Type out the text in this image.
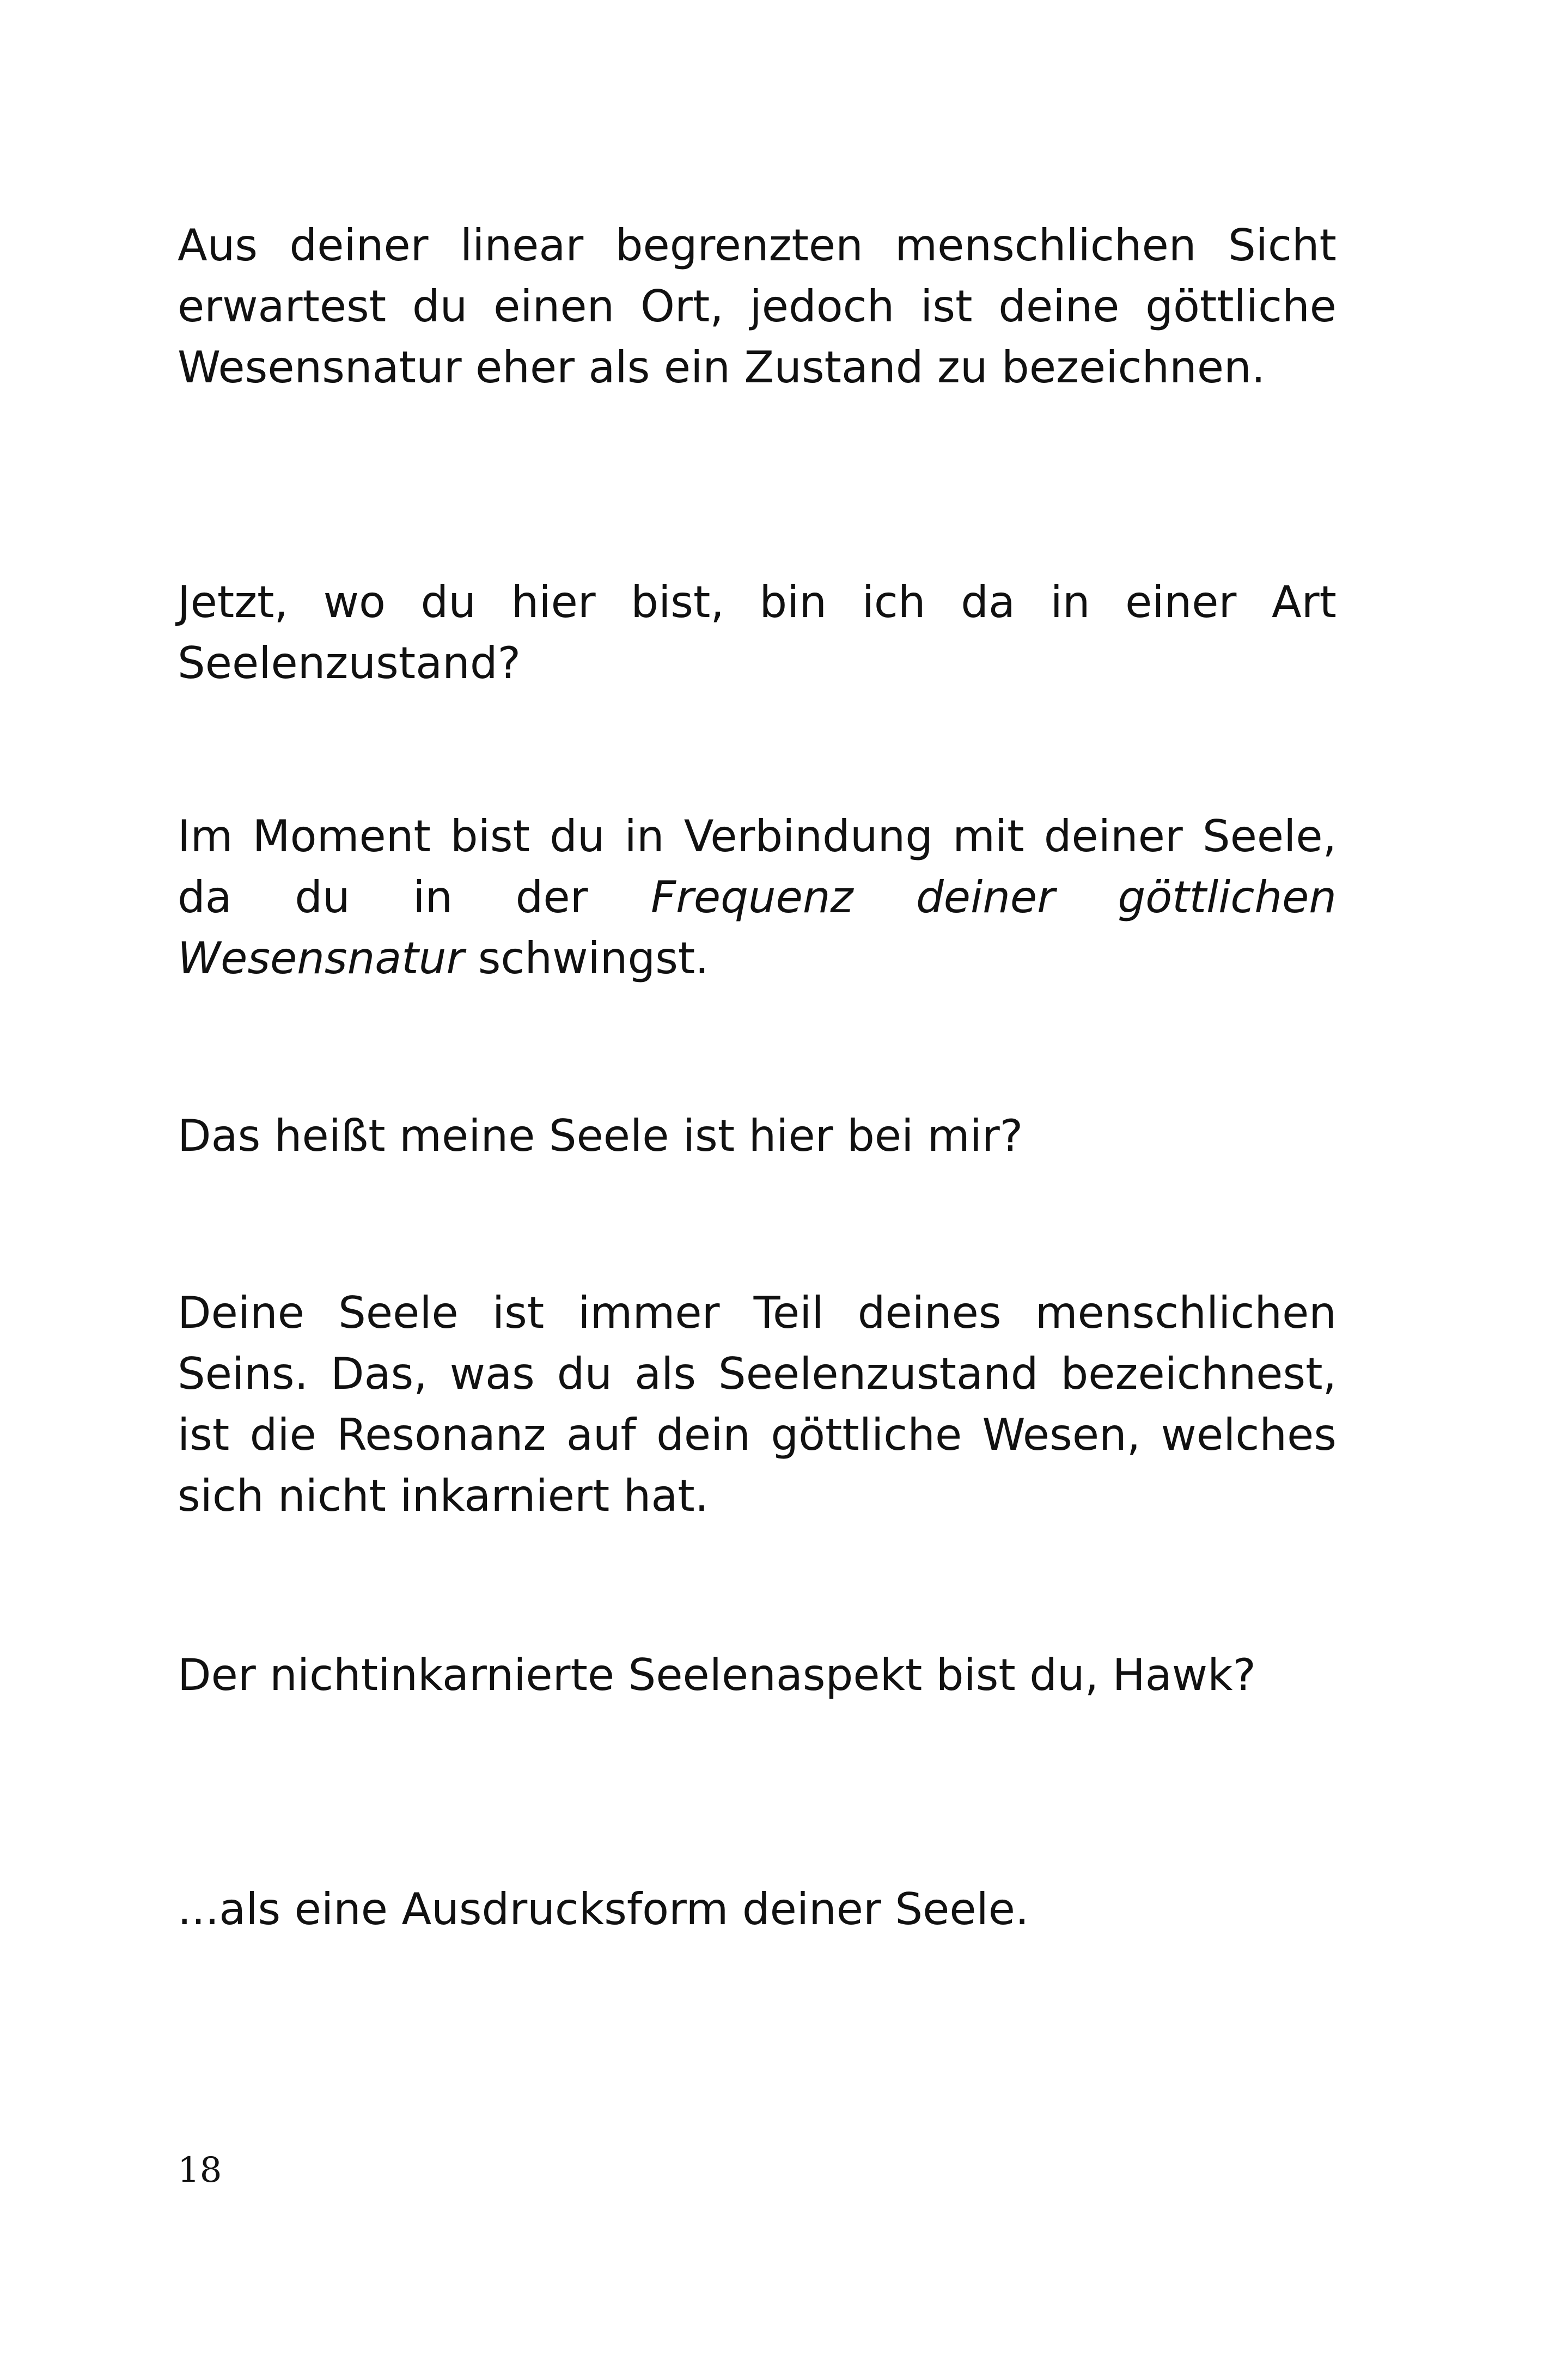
Aus deiner linear begrenzten menschlichen Sicht erwartest du einen Ort, jedoch ist deine göttliche Wesensnatur eher als ein Zustand zu bezeichnen.

Jetzt, wo du hier bist, bin ich da in einer Art Seelenzustand?

Im Moment bist du in Verbindung mit deiner Seele, da du in der Frequenz deiner göttlichen Wesensnatur schwingst.

Das heißt meine Seele ist hier bei mir?

Deine Seele ist immer Teil deines menschlichen Seins. Das, was du als Seelenzustand bezeichnest, ist die Resonanz auf dein göttliche Wesen, welches sich nicht inkarniert hat.

Der nichtinkarnierte Seelenaspekt bist du, Hawk?

...als eine Ausdrucksform deiner Seele.

18
